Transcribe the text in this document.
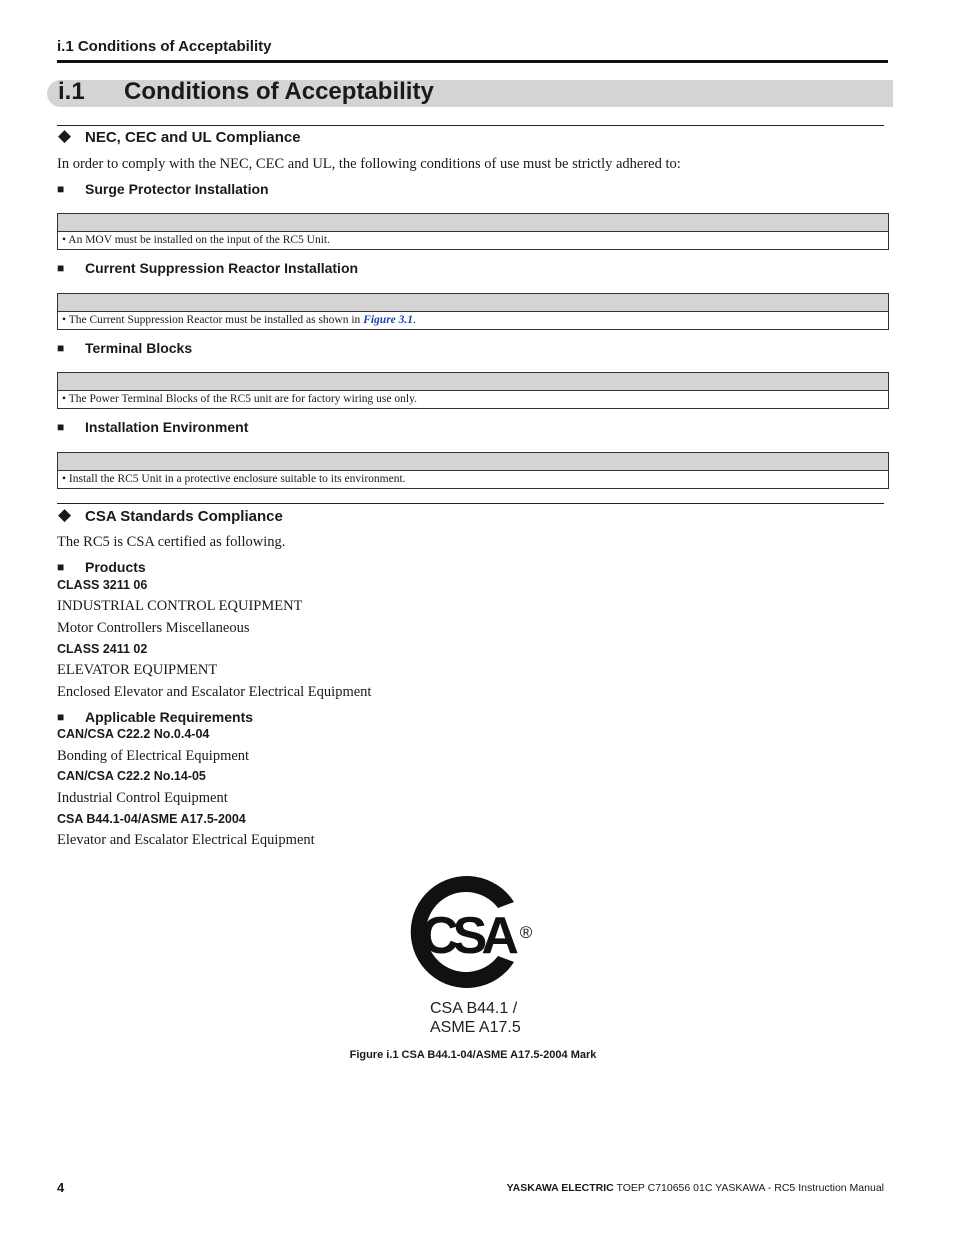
i.1 Conditions of Acceptability
i.1 Conditions of Acceptability
◆ NEC, CEC and UL Compliance
In order to comply with the NEC, CEC and UL, the following conditions of use must be strictly adhered to:
■ Surge Protector Installation
• An MOV must be installed on the input of the RC5 Unit.
■ Current Suppression Reactor Installation
• The Current Suppression Reactor must be installed as shown in Figure 3.1.
■ Terminal Blocks
• The Power Terminal Blocks of the RC5 unit are for factory wiring use only.
■ Installation Environment
• Install the RC5 Unit in a protective enclosure suitable to its environment.
◆ CSA Standards Compliance
The RC5 is CSA certified as following.
■ Products
CLASS 3211 06
INDUSTRIAL CONTROL EQUIPMENT
Motor Controllers Miscellaneous
CLASS 2411 02
ELEVATOR EQUIPMENT
Enclosed Elevator and Escalator Electrical Equipment
■ Applicable Requirements
CAN/CSA C22.2 No.0.4-04
Bonding of Electrical Equipment
CAN/CSA C22.2 No.14-05
Industrial Control Equipment
CSA B44.1-04/ASME A17.5-2004
Elevator and Escalator Electrical Equipment
CSA ®
CSA B44.1 /
ASME A17.5
Figure i.1 CSA B44.1-04/ASME A17.5-2004 Mark
4	YASKAWA ELECTRIC TOEP C710656 01C YASKAWA - RC5 Instruction Manual
